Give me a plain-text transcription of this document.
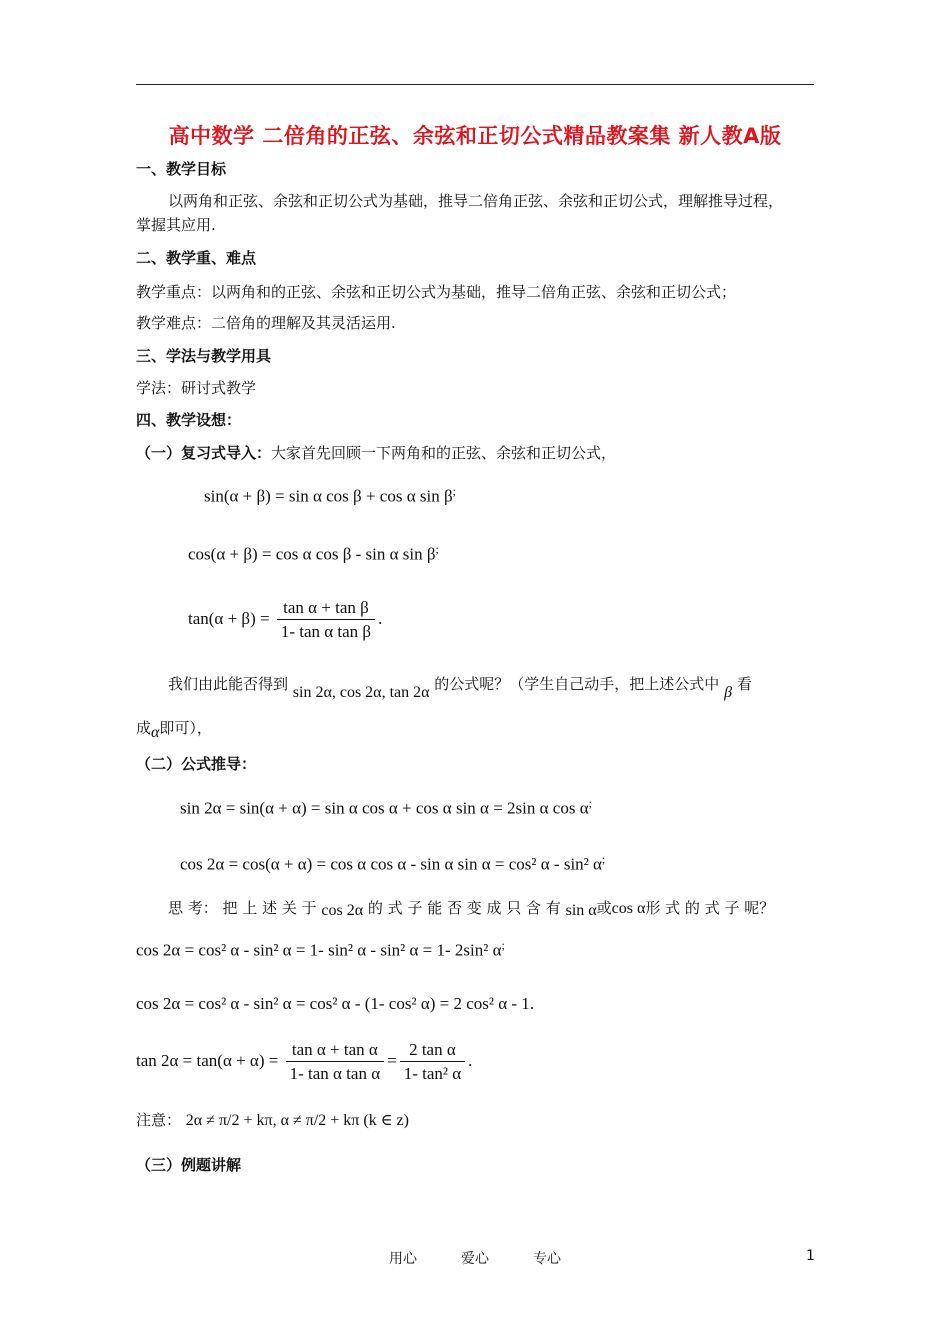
高中数学 二倍角的正弦、余弦和正切公式精品教案集 新人教A版
一、教学目标
以两角和正弦、余弦和正切公式为基础，推导二倍角正弦、余弦和正切公式，理解推导过程，
掌握其应用.
二、教学重、难点
教学重点：以两角和的正弦、余弦和正切公式为基础，推导二倍角正弦、余弦和正切公式；
教学难点：二倍角的理解及其灵活运用.
三、学法与教学用具
学法：研讨式教学
四、教学设想：
（一）复习式导入：大家首先回顾一下两角和的正弦、余弦和正切公式，
sin(α + β) = sin α cos β + cos α sin β;
cos(α + β) = cos α cos β - sin α sin β;
$\tan(\alpha + \beta) = \frac{\text{tan α + tan β}}{\text{1- tan α tan β}}$ .
我们由此能否得到 sin 2α, cos 2α, tan 2α 的公式呢？（学生自己动手，把上述公式中 β 看
成α即可），
（二）公式推导：
sin 2α = sin(α + α) = sin α cos α + cos α sin α = 2sin α cos α;
cos 2α = cos(α + α) = cos α cos α - sin α sin α = cos² α - sin² α;
思 考： 把 上 述 关 于 cos 2α 的 式 子 能 否 变 成 只 含 有 sin α或cos α形 式 的 式 子 呢？
cos 2α = cos² α - sin² α = 1- sin² α - sin² α = 1- 2sin² α;
cos 2α = cos² α - sin² α = cos² α - (1- cos² α) = 2 cos² α - 1.
$\tan 2\alpha = \tan(\alpha + \alpha) = \frac{\text{tan α + tan α}}{\text{1- tan α tan α}} = \frac{\text{2 tan α}}{\text{1- tan² α}}$ .
注意： 2α ≠ π/2 + kπ, α ≠ π/2 + kπ (k ∈ z)
（三）例题讲解
用心	爱心	专心	1
